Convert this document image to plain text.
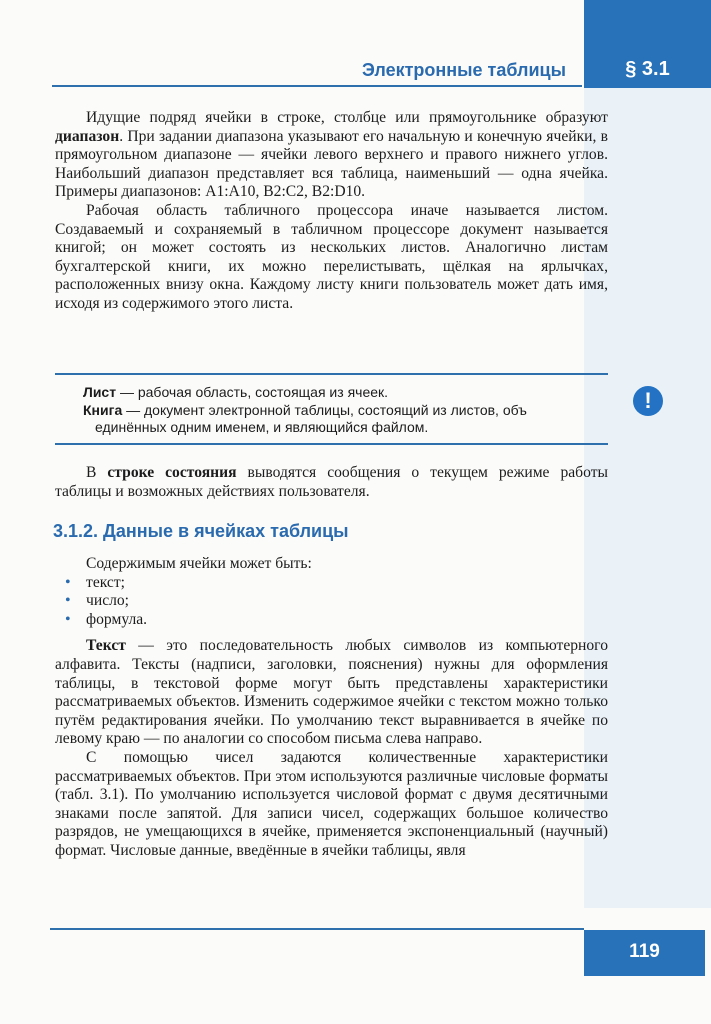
§ 3.1
Электронные таблицы

Идущие подряд ячейки в строке, столбце или прямоугольнике образуют диапазон. При задании диапазона указывают его начальную и конечную ячейки, в прямоугольном диапазоне — ячейки левого верхнего и правого нижнего углов. Наибольший диапазон представляет вся таблица, наименьший — одна ячейка. Примеры диапазонов: А1:А10, В2:С2, В2:D10.

Рабочая область табличного процессора иначе называется листом. Создаваемый и сохраняемый в табличном процессоре документ называется книгой; он может состоять из нескольких листов. Аналогично листам бухгалтерской книги, их можно перелистывать, щёлкая на ярлычках, расположенных внизу окна. Каждому листу книги пользователь может дать имя, исходя из содержимого этого листа.

Лист — рабочая область, состоящая из ячеек.
Книга — документ электронной таблицы, состоящий из листов, объ
единённых одним именем, и являющийся файлом.
!

В строке состояния выводятся сообщения о текущем режиме работы таблицы и возможных действиях пользователя.

3.1.2. Данные в ячейках таблицы

Содержимым ячейки может быть:

• текст;
• число;
• формула.

Текст — это последовательность любых символов из компьютерного алфавита. Тексты (надписи, заголовки, пояснения) нужны для оформления таблицы, в текстовой форме могут быть представлены характеристики рассматриваемых объектов. Изменить содержимое ячейки с текстом можно только путём редактирования ячейки. По умолчанию текст выравнивается в ячейке по левому краю — по аналогии со способом письма слева направо.

С помощью чисел задаются количественные характеристики рассматриваемых объектов. При этом используются различные числовые форматы (табл. 3.1). По умолчанию используется числовой формат с двумя десятичными знаками после запятой. Для записи чисел, содержащих большое количество разрядов, не умещающихся в ячейке, применяется экспоненциальный (научный) формат. Числовые данные, введённые в ячейки таблицы, явля

119
